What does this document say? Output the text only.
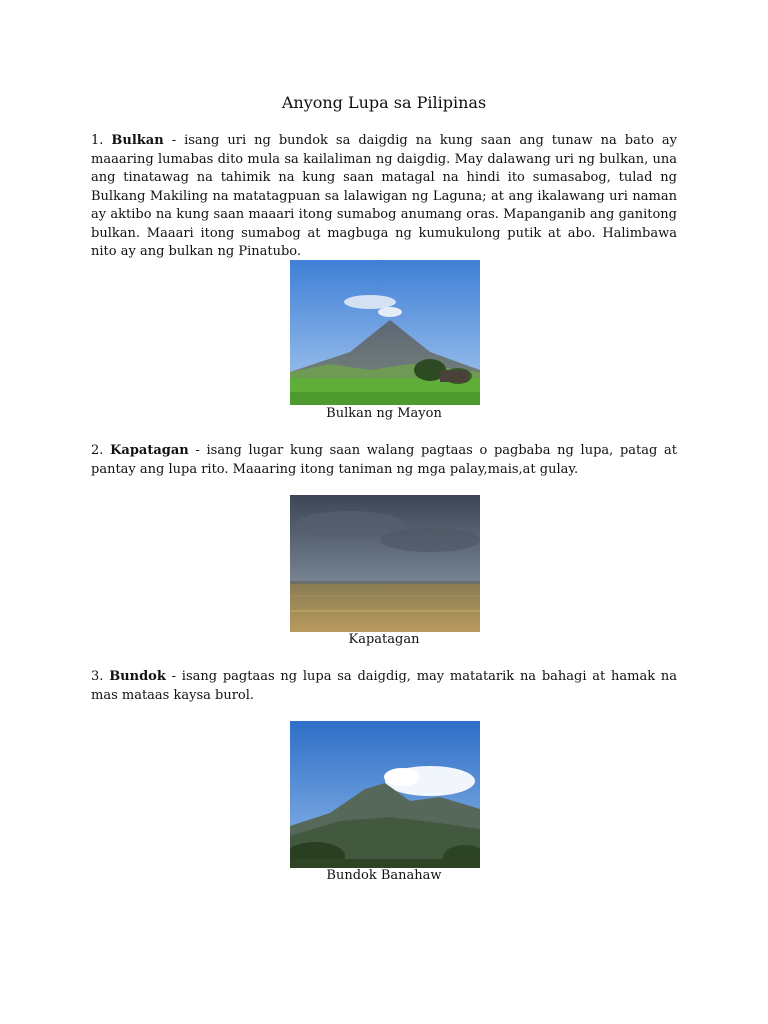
Anyong Lupa sa Pilipinas

1. Bulkan - isang uri ng bundok sa daigdig na kung saan ang tunaw na bato ay maaaring lumabas dito mula sa kailaliman ng daigdig. May dalawang uri ng bulkan, una ang tinatawag na tahimik na kung saan matagal na hindi ito sumasabog, tulad ng Bulkang Makiling na matatagpuan sa lalawigan ng Laguna; at ang ikalawang uri naman ay aktibo na kung saan maaari itong sumabog anumang oras. Mapanganib ang ganitong bulkan. Maaari itong sumabog at magbuga ng kumukulong putik at abo. Halimbawa nito ay ang bulkan ng Pinatubo.

Bulkan ng Mayon

2. Kapatagan - isang lugar kung saan walang pagtaas o pagbaba ng lupa, patag at pantay ang lupa rito. Maaaring itong taniman ng mga palay,mais,at gulay.

Kapatagan

3. Bundok - isang pagtaas ng lupa sa daigdig, may matatarik na bahagi at hamak na mas mataas kaysa burol.

Bundok Banahaw
